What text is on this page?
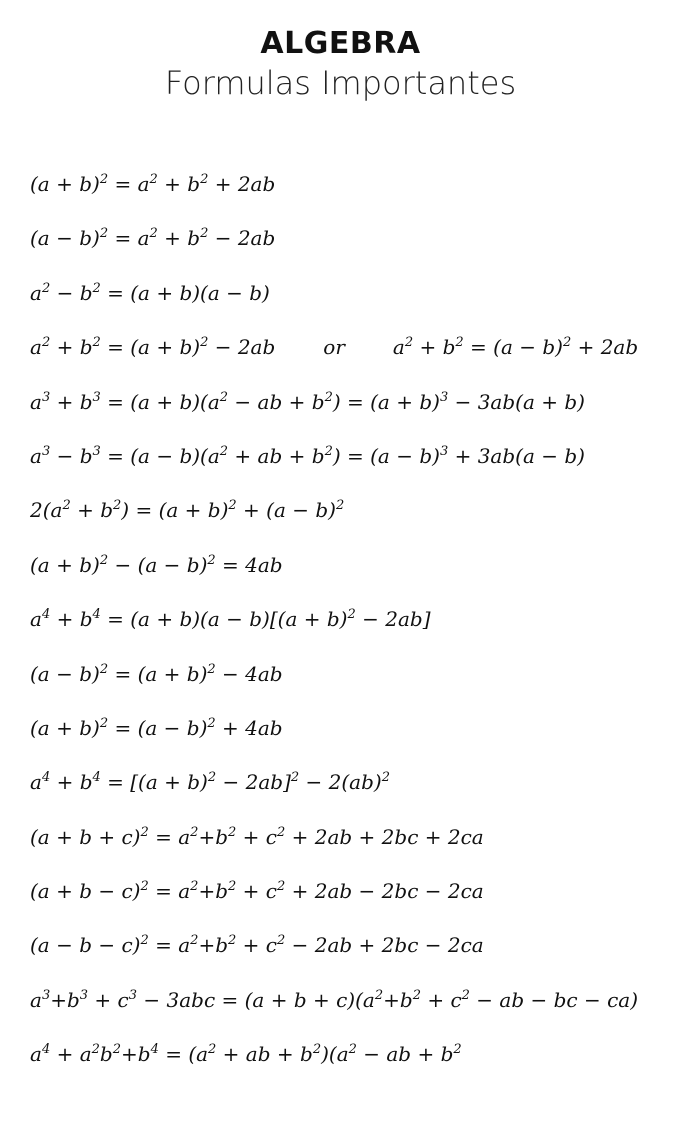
ALGEBRA
Formulas Importantes
$(a + b)^2 = a^2 + b^2 + 2ab$
$(a - b)^2 = a^2 + b^2 - 2ab$
$a^2 - b^2 = (a + b)(a - b)$
$a^2 + b^2 = (a + b)^2 - 2ab$ or $a^2 + b^2 = (a - b)^2 + 2ab$
$a^3 + b^3 = (a + b)(a^2$ − ab + $b^2) = (a + b)^3 - 3ab(a + b)$
$a^3 - b^3 = (a - b)(a^2$ + ab + $b^2) = (a - b)^3 + 3ab(a - b)$
$2(a^2 + b^2) = (a + b)^2 + (a - b)^2$
$(a + b)^2 - (a - b)^2 = 4ab$
$a^4 + b^4 = (a + b)(a - b)[(a + b)^2 - 2ab]$
$(a - b)^2 = (a + b)^2 - 4ab$
$(a + b)^2 = (a - b)^2 + 4ab$
$a^4 + b^4 = [(a + b)^2 - 2ab]^2 - 2(ab)^2$
$(a + b + c)^2 = a^2+b^2 + c^2 + 2ab + 2bc + 2ca$
$(a + b - c)^2 = a^2+b^2 + c^2 + 2ab - 2bc - 2ca$
$(a - b - c)^2 = a^2+b^2 + c^2 - 2ab + 2bc - 2ca$
$a^3+b^3 + c^3 - 3abc = (a + b + c)(a^2+b^2 + c^2$ − ab − bc − ca)
$a^4 + a^2b^2+b^4 = (a^2$ + ab + $b^2)(a^2$ − ab + $b^2$
